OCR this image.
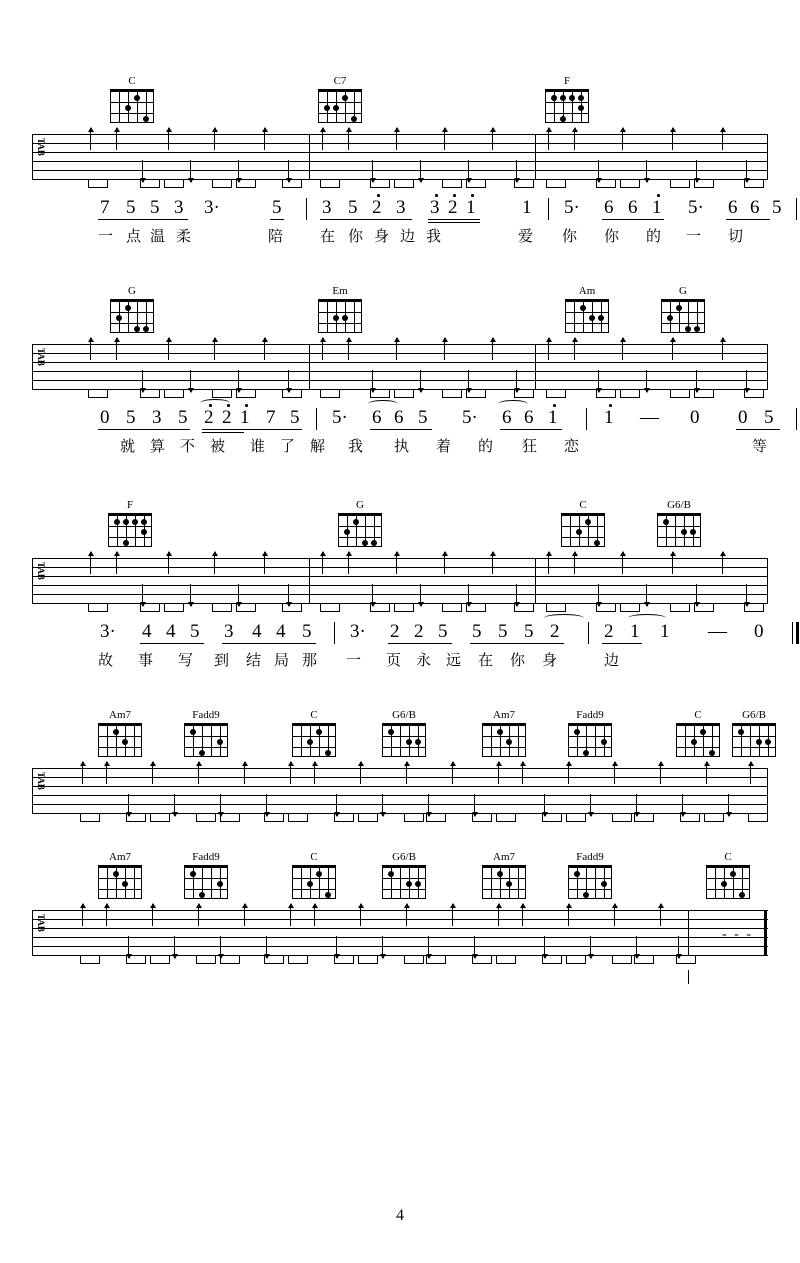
C	C7	F
TAB
7 5 5 3 3·	5 3 5 2 3 3 2 1 1 5· 6 6 1 5· 6 6 5
一 点 温 柔	陪 在 你 身 边 我	爱 你 你 的 一 切
G	Em	Am	G
TAB
0 5 3 5 2 2 1 7 5 5· 6 6 5 5· 6 6 1 1 — 0 0 5
就 算 不 被 谁 了 解 我 执 着 的 狂 恋	等
F	G	C	G6/B
TAB
3· 4 4 5 3 4 4 5 3· 2 2 5 5 5 5 2 2 1 1 — 0
故 事 写 到 结 局 那 一 页 永 远 在 你 身	边
Am7	Fadd9	C	G6/B	Am7	Fadd9	C	G6/B
TAB
Am7	Fadd9	C	G6/B	Am7	Fadd9	C
TAB
- - -
4
